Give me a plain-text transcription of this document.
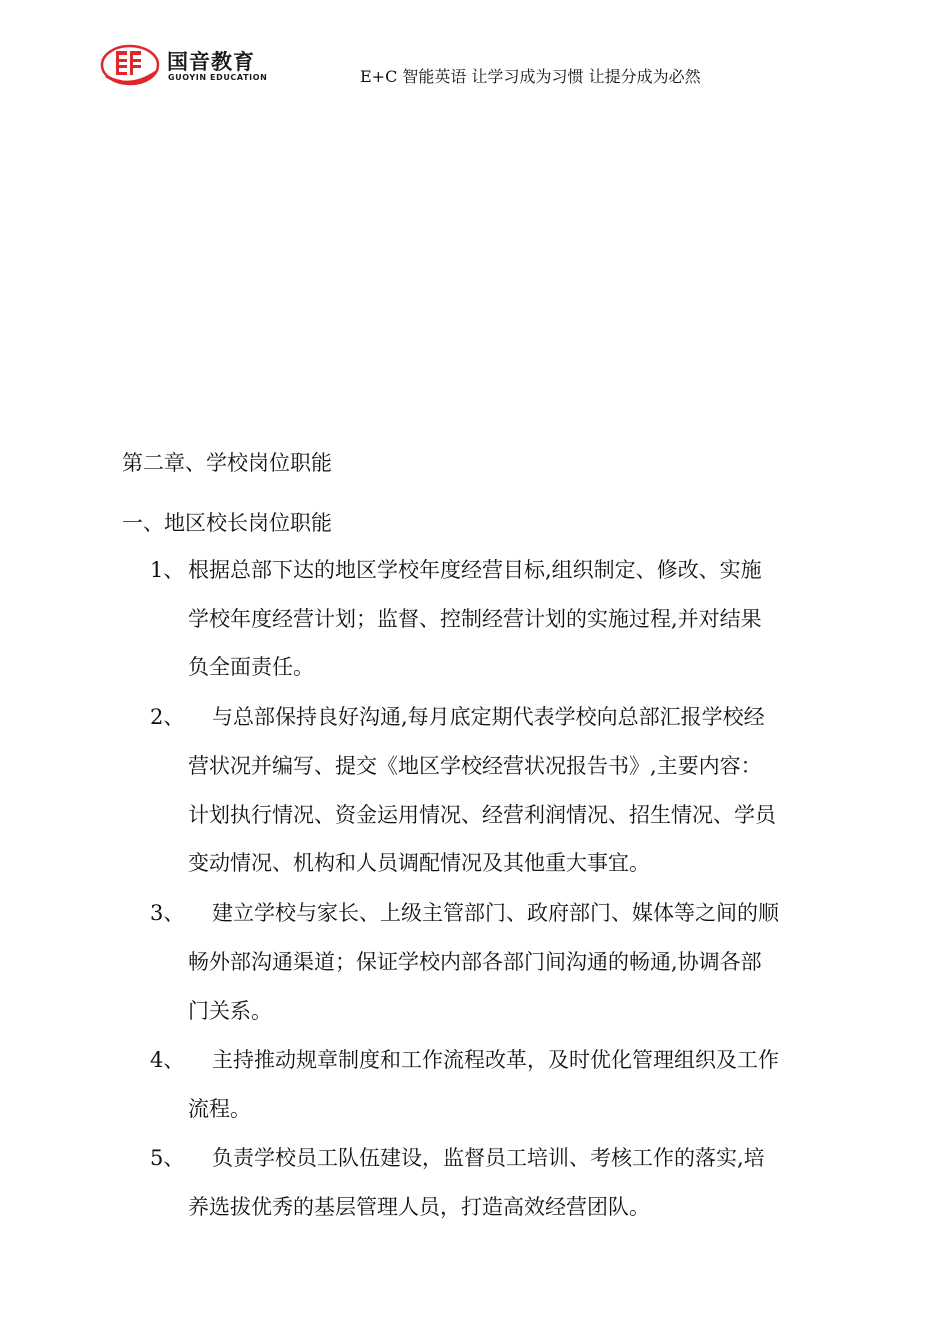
国音教育
GUOYIN EDUCATION	E+C 智能英语 让学习成为习惯 让提分成为必然
第二章、学校岗位职能
一、地区校长岗位职能
1、 根据总部下达的地区学校年度经营目标,组织制定、修改、实施
学校年度经营计划；监督、控制经营计划的实施过程,并对结果
负全面责任。
2、 与总部保持良好沟通,每月底定期代表学校向总部汇报学校经
营状况并编写、提交《地区学校经营状况报告书》,主要内容：
计划执行情况、资金运用情况、经营利润情况、招生情况、学员
变动情况、机构和人员调配情况及其他重大事宜。
3、 建立学校与家长、上级主管部门、政府部门、媒体等之间的顺
畅外部沟通渠道；保证学校内部各部门间沟通的畅通,协调各部
门关系。
4、 主持推动规章制度和工作流程改革，及时优化管理组织及工作
流程。
5、 负责学校员工队伍建设，监督员工培训、考核工作的落实,培
养选拔优秀的基层管理人员，打造高效经营团队。
